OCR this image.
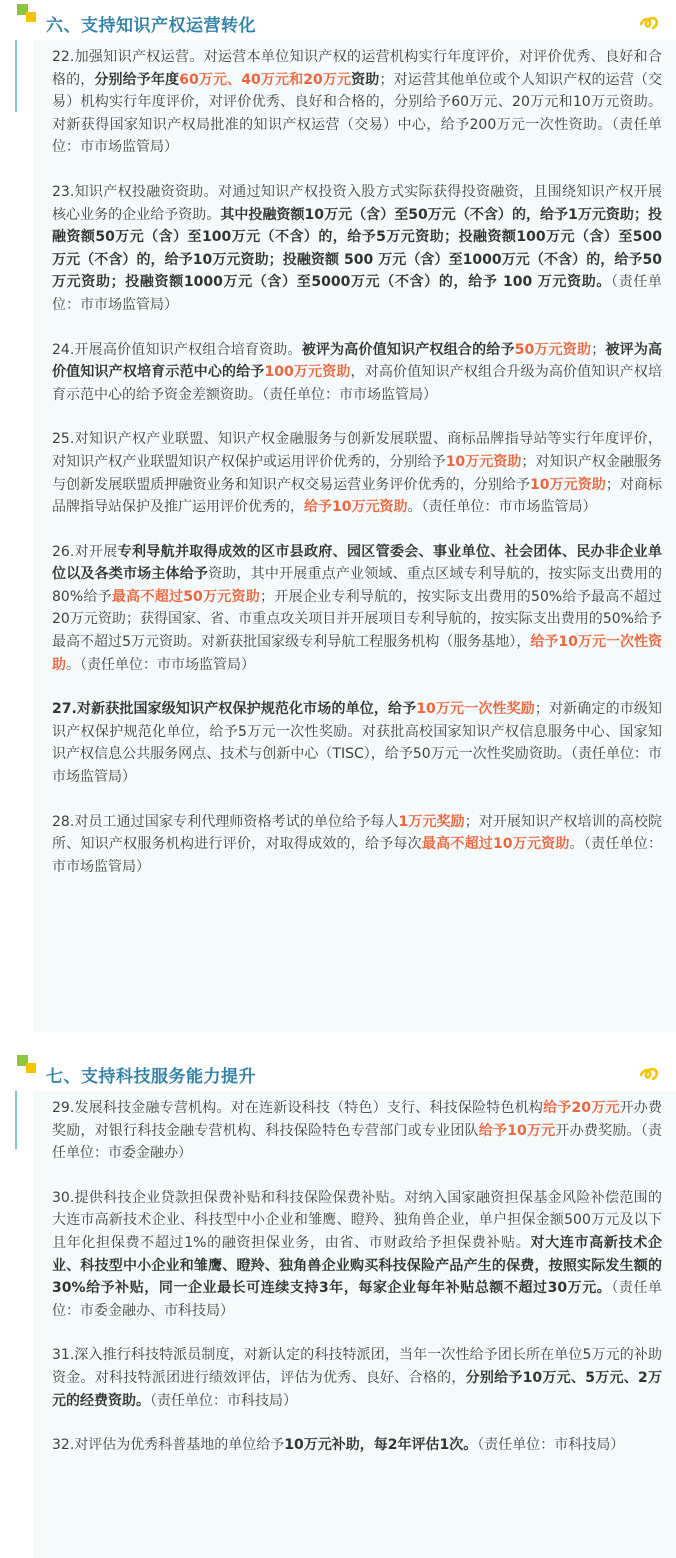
六、支持知识产权运营转化

22.加强知识产权运营。对运营本单位知识产权的运营机构实行年度评价，对评价优秀、良好和合格的，分别给予年度60万元、40万元和20万元资助；对运营其他单位或个人知识产权的运营（交易）机构实行年度评价，对评价优秀、良好和合格的，分别给予60万元、20万元和10万元资助。对新获得国家知识产权局批准的知识产权运营（交易）中心，给予200万元一次性资助。（责任单位：市市场监管局）

23.知识产权投融资资助。对通过知识产权投资入股方式实际获得投资融资，且围绕知识产权开展核心业务的企业给予资助。其中投融资额10万元（含）至50万元（不含）的，给予1万元资助；投融资额50万元（含）至100万元（不含）的，给予5万元资助；投融资额100万元（含）至500 万元（不含）的，给予10万元资助；投融资额 500 万元（含）至1000万元（不含）的，给予50万元资助；投融资额1000万元（含）至5000万元（不含）的，给予 100 万元资助。（责任单位：市市场监管局）

24.开展高价值知识产权组合培育资助。被评为高价值知识产权组合的给予50万元资助；被评为高价值知识产权培育示范中心的给予100万元资助，对高价值知识产权组合升级为高价值知识产权培育示范中心的给予资金差额资助。（责任单位：市市场监管局）

25.对知识产权产业联盟、知识产权金融服务与创新发展联盟、商标品牌指导站等实行年度评价，对知识产权产业联盟知识产权保护或运用评价优秀的，分别给予10万元资助；对知识产权金融服务与创新发展联盟质押融资业务和知识产权交易运营业务评价优秀的，分别给予10万元资助；对商标品牌指导站保护及推广运用评价优秀的，给予10万元资助。（责任单位：市市场监管局）

26.对开展专利导航并取得成效的区市县政府、园区管委会、事业单位、社会团体、民办非企业单位以及各类市场主体给予资助，其中开展重点产业领域、重点区域专利导航的，按实际支出费用的80%给予最高不超过50万元资助；开展企业专利导航的，按实际支出费用的50%给予最高不超过20万元资助；获得国家、省、市重点攻关项目并开展项目专利导航的，按实际支出费用的50%给予最高不超过5万元资助。对新获批国家级专利导航工程服务机构（服务基地），给予10万元一次性资助。（责任单位：市市场监管局）

27.对新获批国家级知识产权保护规范化市场的单位，给予10万元一次性奖励；对新确定的市级知识产权保护规范化单位，给予5万元一次性奖励。对获批高校国家知识产权信息服务中心、国家知识产权信息公共服务网点、技术与创新中心（TISC），给予50万元一次性奖励资助。（责任单位：市市场监管局）

28.对员工通过国家专利代理师资格考试的单位给予每人1万元奖励；对开展知识产权培训的高校院所、知识产权服务机构进行评价，对取得成效的，给予每次最高不超过10万元资助。（责任单位：市市场监管局）

七、支持科技服务能力提升

29.发展科技金融专营机构。对在连新设科技（特色）支行、科技保险特色机构给予20万元开办费奖励，对银行科技金融专营机构、科技保险特色专营部门或专业团队给予10万元开办费奖励。（责任单位：市委金融办）

30.提供科技企业贷款担保费补贴和科技保险保费补贴。对纳入国家融资担保基金风险补偿范围的大连市高新技术企业、科技型中小企业和雏鹰、瞪羚、独角兽企业，单户担保金额500万元及以下且年化担保费不超过1%的融资担保业务，由省、市财政给予担保费补贴。对大连市高新技术企业、科技型中小企业和雏鹰、瞪羚、独角兽企业购买科技保险产品产生的保费，按照实际发生额的30%给予补贴，同一企业最长可连续支持3年，每家企业每年补贴总额不超过30万元。（责任单位：市委金融办、市科技局）

31.深入推行科技特派员制度，对新认定的科技特派团，当年一次性给予团长所在单位5万元的补助资金。对科技特派团进行绩效评估，评估为优秀、良好、合格的，分别给予10万元、5万元、2万元的经费资助。（责任单位：市科技局）

32.对评估为优秀科普基地的单位给予10万元补助，每2年评估1次。（责任单位：市科技局）
